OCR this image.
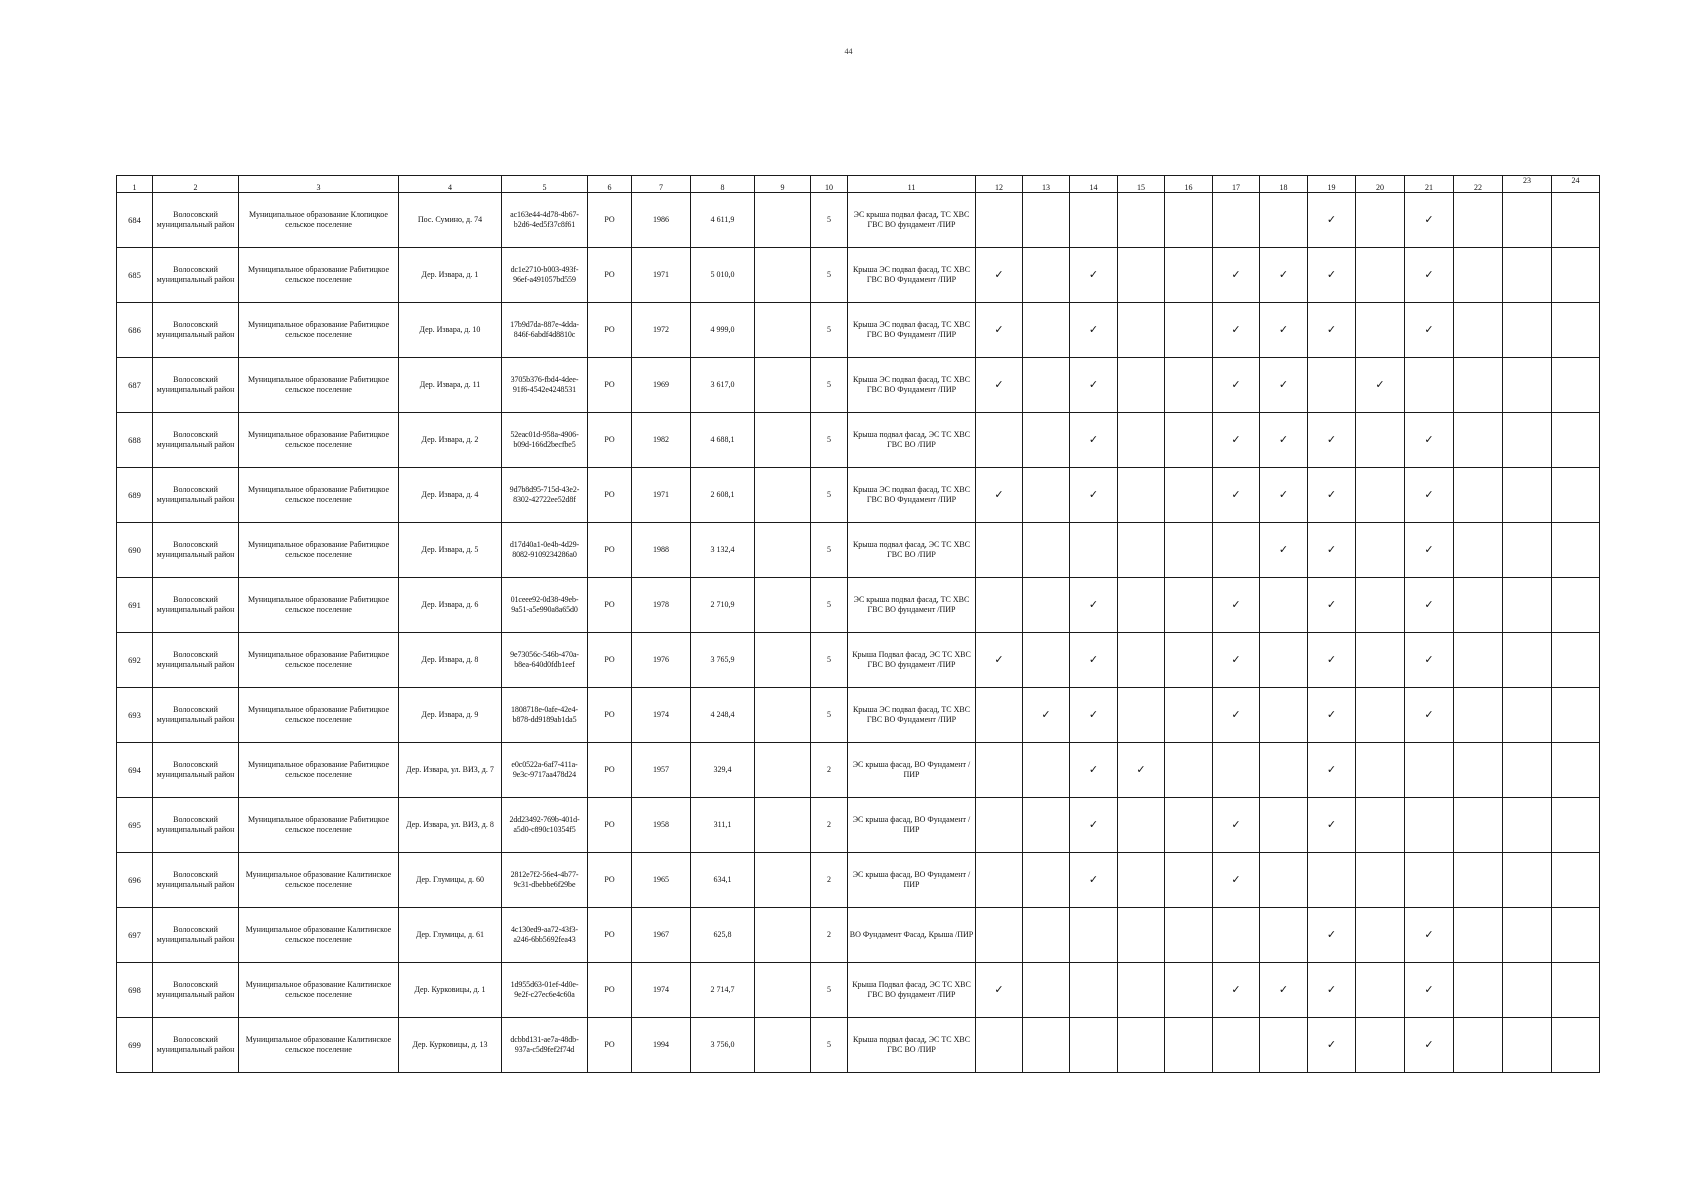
44
1	2	3	4	5	6	7	8	9	10	11	12	13	14	15	16	17	18	19	20	21	22	23	24
684	Волосовский муниципальный район	Муниципальное образование Клопицкое сельское поселение	Пос. Сумино, д. 74	ac163e44-4d78-4b67-b2d6-4ed5f37c8f61	РО	1986	4 611,9		5	ЭС крыша подвал фасад, ТС ХВС ГВС ВО фундамент /ПИР								✓		✓			
685	Волосовский муниципальный район	Муниципальное образование Рабитицкое сельское поселение	Дер. Извара, д. 1	dc1e2710-b003-493f-96ef-a491057bd559	РО	1971	5 010,0		5	Крыша ЭС подвал фасад, ТС ХВС ГВС ВО Фундамент /ПИР	✓		✓			✓	✓	✓		✓			
686	Волосовский муниципальный район	Муниципальное образование Рабитицкое сельское поселение	Дер. Извара, д. 10	17b9d7da-887e-4dda-846f-6abdf4d8810c	РО	1972	4 999,0		5	Крыша ЭС подвал фасад, ТС ХВС ГВС ВО Фундамент /ПИР	✓		✓			✓	✓	✓		✓			
687	Волосовский муниципальный район	Муниципальное образование Рабитицкое сельское поселение	Дер. Извара, д. 11	3705b376-fbd4-4dee-91f6-4542e4248531	РО	1969	3 617,0		5	Крыша ЭС подвал фасад, ТС ХВС ГВС ВО Фундамент /ПИР	✓		✓			✓	✓		✓				
688	Волосовский муниципальный район	Муниципальное образование Рабитицкое сельское поселение	Дер. Извара, д. 2	52eac01d-958a-4906-b09d-166d2becfbe5	РО	1982	4 688,1		5	Крыша подвал фасад, ЭС ТС ХВС ГВС ВО /ПИР			✓			✓	✓	✓		✓			
689	Волосовский муниципальный район	Муниципальное образование Рабитицкое сельское поселение	Дер. Извара, д. 4	9d7b8d95-715d-43e2-8302-42722ee52d8f	РО	1971	2 608,1		5	Крыша ЭС подвал фасад, ТС ХВС ГВС ВО Фундамент /ПИР	✓		✓			✓	✓	✓		✓			
690	Волосовский муниципальный район	Муниципальное образование Рабитицкое сельское поселение	Дер. Извара, д. 5	d17d40a1-0e4b-4d29-8082-9109234286a0	РО	1988	3 132,4		5	Крыша подвал фасад, ЭС ТС ХВС ГВС ВО /ПИР							✓	✓		✓			
691	Волосовский муниципальный район	Муниципальное образование Рабитицкое сельское поселение	Дер. Извара, д. 6	01ceee92-0d38-49eb-9a51-a5e990a8a65d0	РО	1978	2 710,9		5	ЭС крыша подвал фасад, ТС ХВС ГВС ВО фундамент /ПИР			✓			✓		✓		✓			
692	Волосовский муниципальный район	Муниципальное образование Рабитицкое сельское поселение	Дер. Извара, д. 8	9e73056c-546b-470a-b8ea-640d0fdb1eef	РО	1976	3 765,9		5	Крыша Подвал фасад, ЭС ТС ХВС ГВС ВО фундамент /ПИР	✓		✓			✓		✓		✓			
693	Волосовский муниципальный район	Муниципальное образование Рабитицкое сельское поселение	Дер. Извара, д. 9	1808718e-0afe-42e4-b878-dd9189ab1da5	РО	1974	4 248,4		5	Крыша ЭС подвал фасад, ТС ХВС ГВС ВО Фундамент /ПИР		✓	✓			✓		✓		✓			
694	Волосовский муниципальный район	Муниципальное образование Рабитицкое сельское поселение	Дер. Извара, ул. ВИЗ, д. 7	e0c0522a-6af7-411a-9e3c-9717aa478d24	РО	1957	329,4		2	ЭС крыша фасад, ВО Фундамент /ПИР			✓	✓				✓					
695	Волосовский муниципальный район	Муниципальное образование Рабитицкое сельское поселение	Дер. Извара, ул. ВИЗ, д. 8	2dd23492-769b-401d-a5d0-c890c10354f5	РО	1958	311,1		2	ЭС крыша фасад, ВО Фундамент /ПИР			✓			✓		✓					
696	Волосовский муниципальный район	Муниципальное образование Калитинское сельское поселение	Дер. Глумицы, д. 60	2812e7f2-56e4-4b77-9c31-dbebbe6f29be	РО	1965	634,1		2	ЭС крыша фасад, ВО Фундамент /ПИР			✓			✓							
697	Волосовский муниципальный район	Муниципальное образование Калитинское сельское поселение	Дер. Глумицы, д. 61	4c130ed9-aa72-43f3-a246-6bb5692fea43	РО	1967	625,8		2	ВО Фундамент Фасад, Крыша /ПИР								✓		✓			
698	Волосовский муниципальный район	Муниципальное образование Калитинское сельское поселение	Дер. Курковицы, д. 1	1d955d63-01ef-4d0e-9e2f-c27ec6e4c60a	РО	1974	2 714,7		5	Крыша Подвал фасад, ЭС ТС ХВС ГВС ВО фундамент /ПИР	✓					✓	✓	✓		✓			
699	Волосовский муниципальный район	Муниципальное образование Калитинское сельское поселение	Дер. Курковицы, д. 13	dcbbd131-ae7a-48db-937a-c5d9fef2f74d	РО	1994	3 756,0		5	Крыша подвал фасад, ЭС ТС ХВС ГВС ВО /ПИР								✓		✓			
